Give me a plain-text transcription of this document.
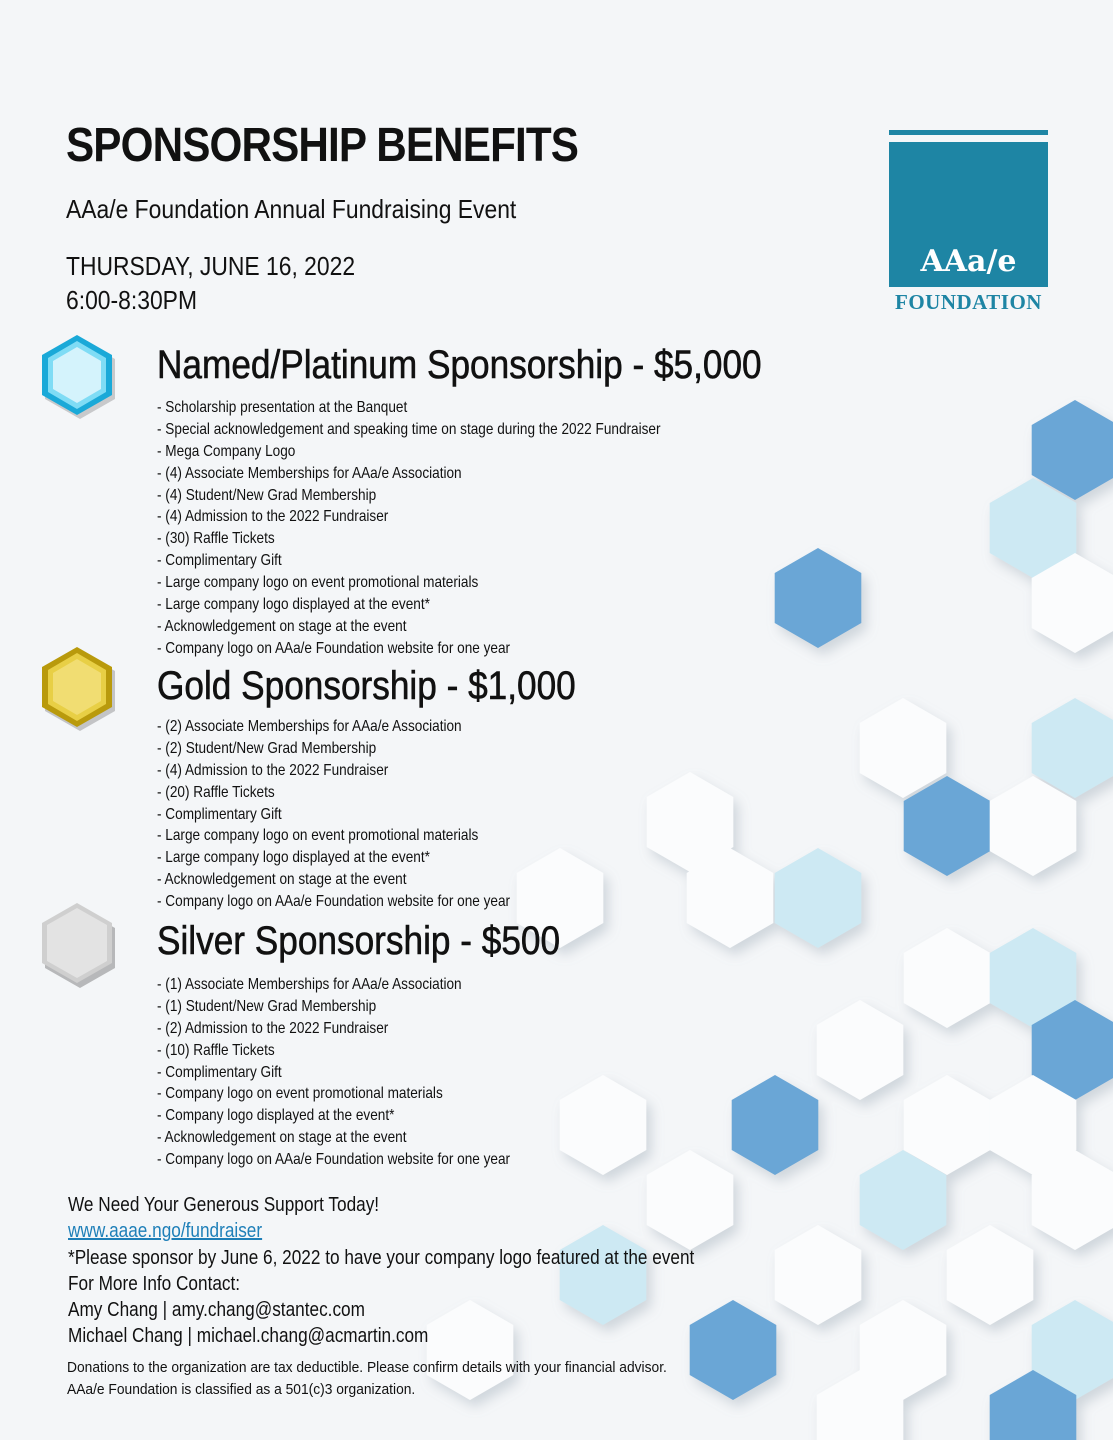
SPONSORSHIP BENEFITS

AAa/e Foundation Annual Fundraising Event

THURSDAY, JUNE 16, 2022

6:00-8:30PM

AAa/e
FOUNDATION
Named/Platinum Sponsorship - $5,000
- Scholarship presentation at the Banquet
- Special acknowledgement and speaking time on stage during the 2022 Fundraiser
- Mega Company Logo
- (4) Associate Memberships for AAa/e Association
- (4) Student/New Grad Membership
- (4) Admission to the 2022 Fundraiser
- (30) Raffle Tickets
- Complimentary Gift
- Large company logo on event promotional materials
- Large company logo displayed at the event*
- Acknowledgement on stage at the event
- Company logo on AAa/e Foundation website for one year
Gold Sponsorship - $1,000
- (2) Associate Memberships for AAa/e Association
- (2) Student/New Grad Membership
- (4) Admission to the 2022 Fundraiser
- (20) Raffle Tickets
- Complimentary Gift
- Large company logo on event promotional materials
- Large company logo displayed at the event*
- Acknowledgement on stage at the event
- Company logo on AAa/e Foundation website for one year
Silver Sponsorship - $500
- (1) Associate Memberships for AAa/e Association
- (1) Student/New Grad Membership
- (2) Admission to the 2022 Fundraiser
- (10) Raffle Tickets
- Complimentary Gift
- Company logo on event promotional materials
- Company logo displayed at the event*
- Acknowledgement on stage at the event
- Company logo on AAa/e Foundation website for one year

We Need Your Generous Support Today!

www.aaae.ngo/fundraiser

*Please sponsor by June 6, 2022 to have your company logo featured at the event

For More Info Contact:

Amy Chang | amy.chang@stantec.com

Michael Chang | michael.chang@acmartin.com

Donations to the organization are tax deductible. Please confirm details with your financial advisor.

AAa/e Foundation is classified as a 501(c)3 organization.
